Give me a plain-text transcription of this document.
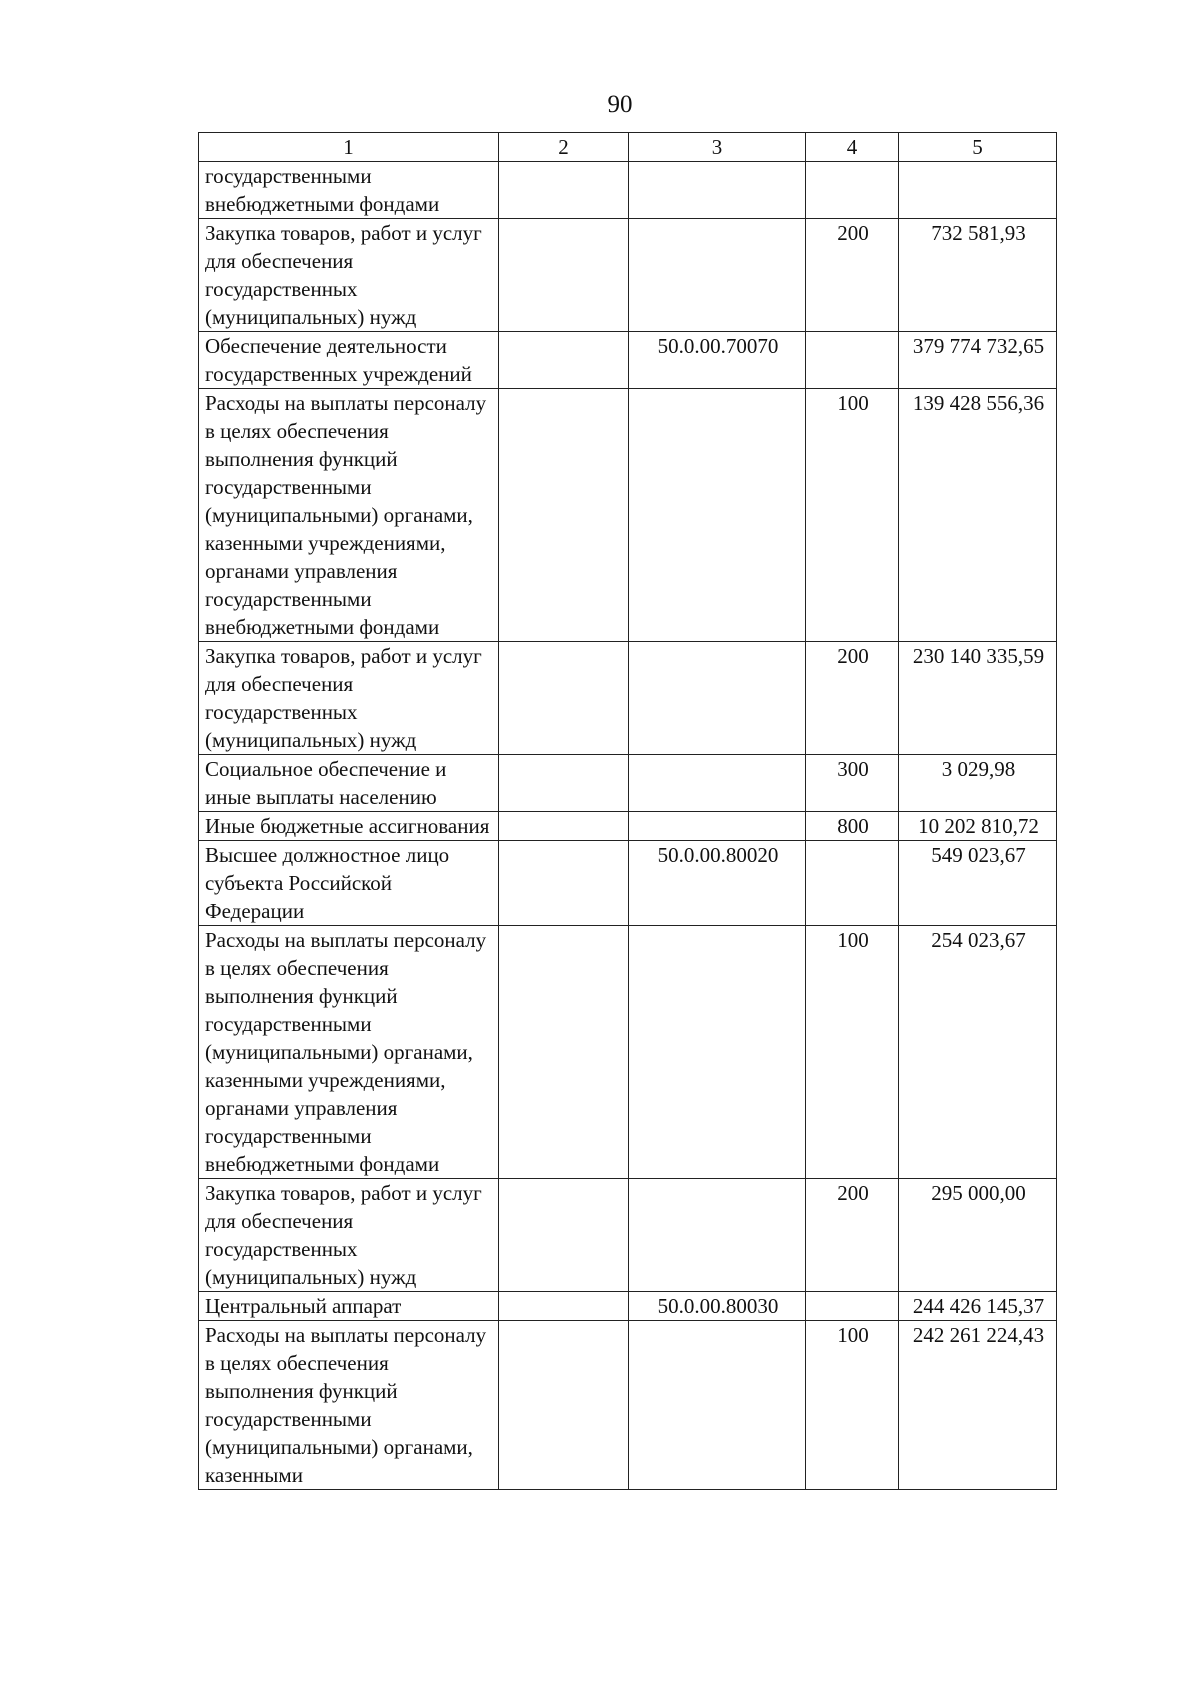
90
1	2	3	4	5
государственными внебюджетными фондами				
Закупка товаров, работ и услуг для обеспечения государственных (муниципальных) нужд			200	732 581,93
Обеспечение деятельности государственных учреждений		50.0.00.70070		379 774 732,65
Расходы на выплаты персоналу в целях обеспечения выполнения функций государственными (муниципальными) органами, казенными учреждениями, органами управления государственными внебюджетными фондами			100	139 428 556,36
Закупка товаров, работ и услуг для обеспечения государственных (муниципальных) нужд			200	230 140 335,59
Социальное обеспечение и иные выплаты населению			300	3 029,98
Иные бюджетные ассигнования			800	10 202 810,72
Высшее должностное лицо субъекта Российской Федерации		50.0.00.80020		549 023,67
Расходы на выплаты персоналу в целях обеспечения выполнения функций государственными (муниципальными) органами, казенными учреждениями, органами управления государственными внебюджетными фондами			100	254 023,67
Закупка товаров, работ и услуг для обеспечения государственных (муниципальных) нужд			200	295 000,00
Центральный аппарат		50.0.00.80030		244 426 145,37
Расходы на выплаты персоналу в целях обеспечения выполнения функций государственными (муниципальными) органами, казенными			100	242 261 224,43
